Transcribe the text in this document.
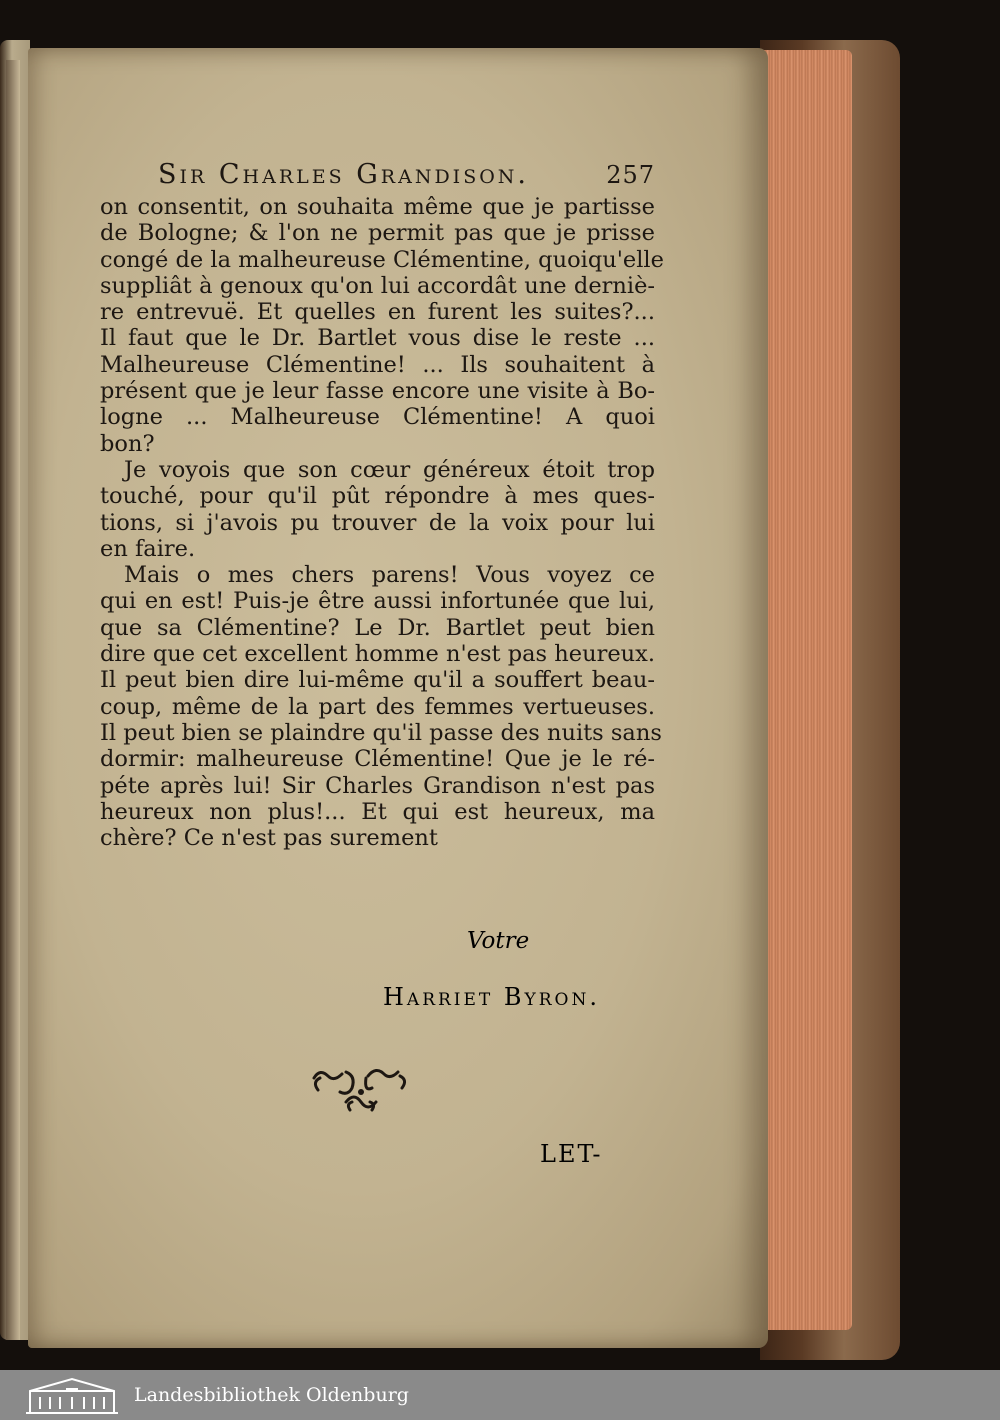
Sir Charles Grandison.	257
on consentit, on souhaita même que je partisse
de Bologne; & l'on ne permit pas que je prisse
congé de la malheureuse Clémentine, quoiqu'elle
suppliât à genoux qu'on lui accordât une derniè-
re entrevuë. Et quelles en furent les suites?...
Il faut que le Dr. Bartlet vous dise le reste ...
Malheureuse Clémentine! ... Ils souhaitent à
présent que je leur fasse encore une visite à Bo-
logne ... Malheureuse Clémentine! A quoi
bon?
Je voyois que son cœur généreux étoit trop
touché, pour qu'il pût répondre à mes ques-
tions, si j'avois pu trouver de la voix pour lui
en faire.
Mais o mes chers parens! Vous voyez ce
qui en est! Puis-je être aussi infortunée que lui,
que sa Clémentine? Le Dr. Bartlet peut bien
dire que cet excellent homme n'est pas heureux.
Il peut bien dire lui-même qu'il a souffert beau-
coup, même de la part des femmes vertueuses.
Il peut bien se plaindre qu'il passe des nuits sans
dormir: malheureuse Clémentine! Que je le ré-
péte après lui! Sir Charles Grandison n'est pas
heureux non plus!... Et qui est heureux, ma
chère? Ce n'est pas surement
Votre
Harriet Byron.
LET-
Landesbibliothek Oldenburg
